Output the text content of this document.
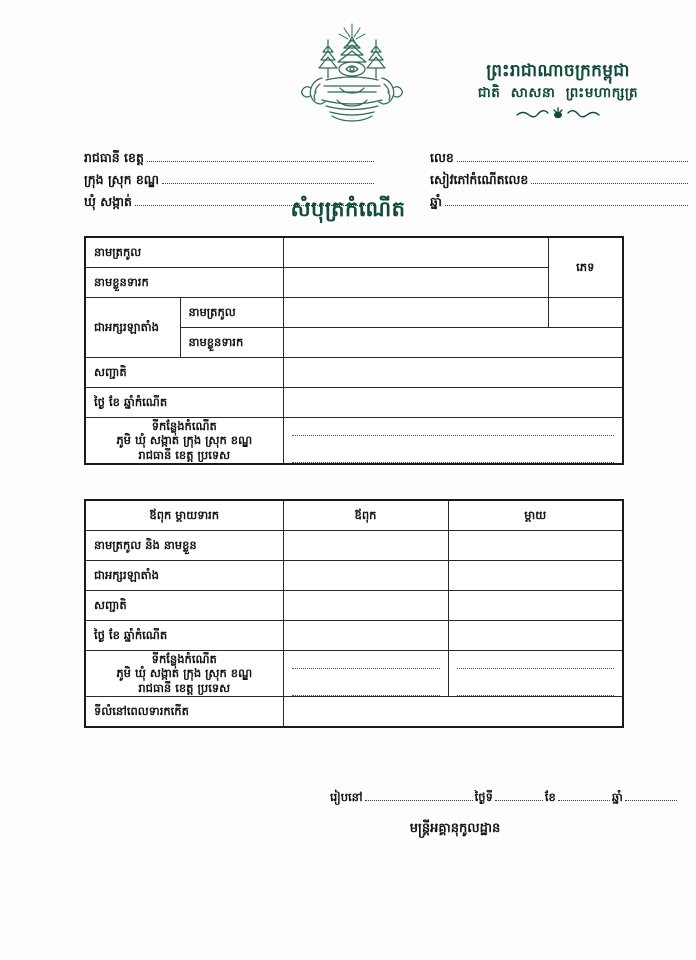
ព្រះរាជាណាចក្រកម្ពុជា
ជាតិ សាសនា ព្រះមហាក្សត្រ
រាជធានី ខេត្ត
ក្រុង ស្រុក ខណ្ឌ
ឃុំ សង្កាត់
លេខ
សៀវភៅកំណើតលេខ
ឆ្នាំ
សំបុត្រកំណើត
នាមត្រកូល			ភេទ
នាមខ្លួនទារក			
ជាអក្សរឡាតាំង	នាមត្រកូល		
	នាមខ្លួនទារក		
សញ្ជាតិ			
ថ្ងៃ ខែ ឆ្នាំកំណើត			

ទីកន្លែងកំណើត
ភូមិ ឃុំ សង្កាត់ ក្រុង ស្រុក ខណ្ឌ
រាជធានី ខេត្ត ប្រទេស			

ឪពុក ម្តាយទារក	ឪពុក	ម្តាយ
នាមត្រកូល និង នាមខ្លួន		
ជាអក្សរឡាតាំង		
សញ្ជាតិ		
ថ្ងៃ ខែ ឆ្នាំកំណើត		

ទីកន្លែងកំណើត
ភូមិ ឃុំ សង្កាត់ ក្រុង ស្រុក ខណ្ឌ
រាជធានី ខេត្ត ប្រទេស		

ទីលំនៅពេលទារកកើត		
រៀបនៅ	ថ្ងៃទី	ខែ	ឆ្នាំ
មន្ត្រីអគ្គានុកូលដ្ឋាន
